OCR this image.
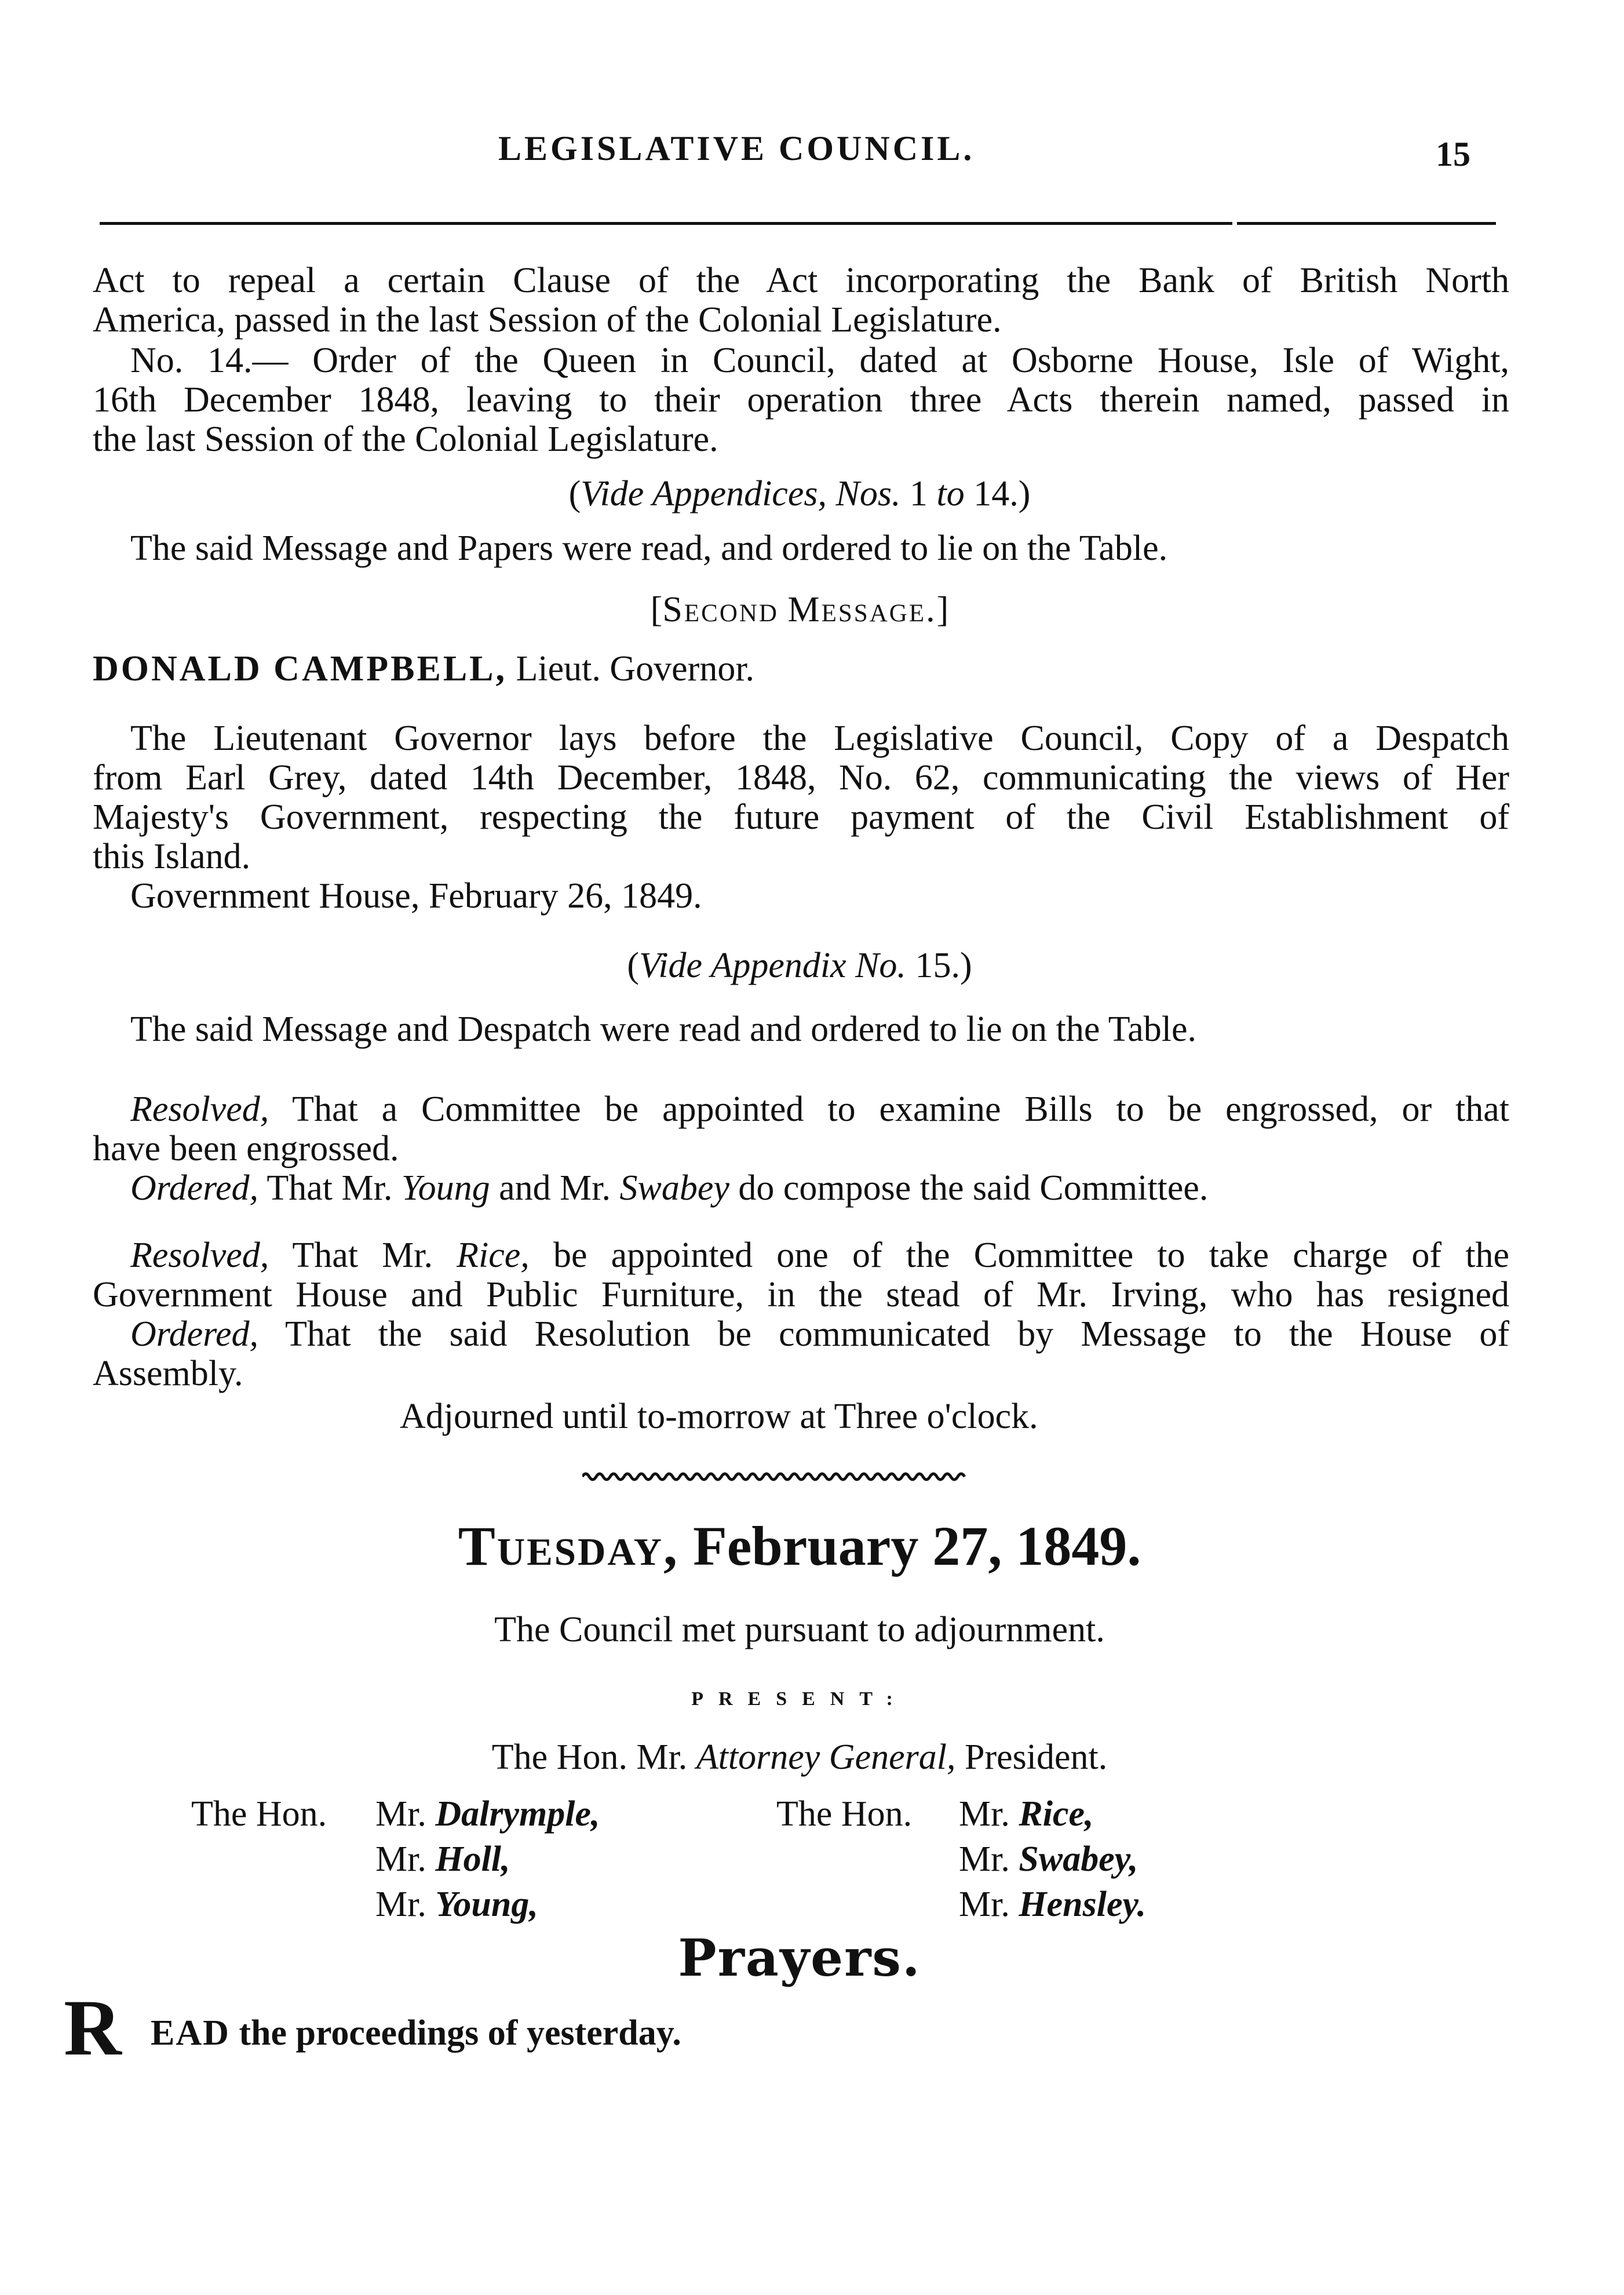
LEGISLATIVE COUNCIL.	15
Act to repeal a certain Clause of the Act incorporating the Bank of British North
America, passed in the last Session of the Colonial Legislature.
No. 14.— Order of the Queen in Council, dated at Osborne House, Isle of Wight,
16th December 1848, leaving to their operation three Acts therein named, passed in
the last Session of the Colonial Legislature.
(Vide Appendices, Nos. 1 to 14.)
The said Message and Papers were read, and ordered to lie on the Table.
[Second Message.]
DONALD CAMPBELL, Lieut. Governor.
The Lieutenant Governor lays before the Legislative Council, Copy of a Despatch
from Earl Grey, dated 14th December, 1848, No. 62, communicating the views of Her
Majesty's Government, respecting the future payment of the Civil Establishment of
this Island.
Government House, February 26, 1849.
(Vide Appendix No. 15.)
The said Message and Despatch were read and ordered to lie on the Table.
Resolved, That a Committee be appointed to examine Bills to be engrossed, or that
have been engrossed.
Ordered, That Mr. Young and Mr. Swabey do compose the said Committee.
Resolved, That Mr. Rice, be appointed one of the Committee to take charge of the
Government House and Public Furniture, in the stead of Mr. Irving, who has resigned
Ordered, That the said Resolution be communicated by Message to the House of
Assembly.
Adjourned until to-morrow at Three o'clock.
Tuesday, February 27, 1849.
The Council met pursuant to adjournment.
PRESENT:
The Hon. Mr. Attorney General, President.
The Hon. Mr. Dalrymple,
Mr. Holl,
Mr. Young,
The Hon. Mr. Rice,
Mr. Swabey,
Mr. Hensley.
Prayers.
R EAD the proceedings of yesterday.
